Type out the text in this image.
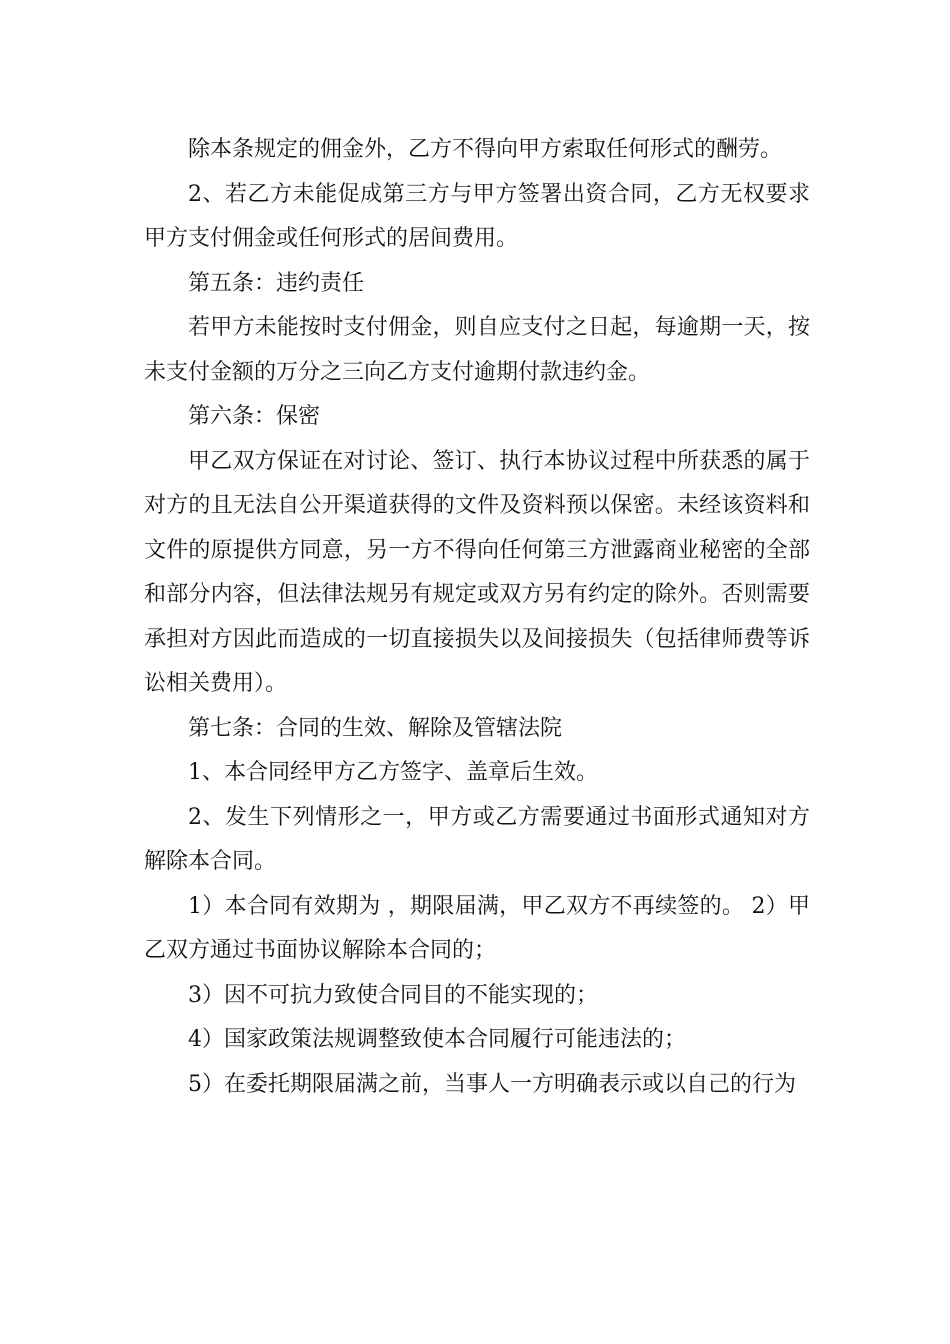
除本条规定的佣金外，乙方不得向甲方索取任何形式的酬劳。

2、若乙方未能促成第三方与甲方签署出资合同，乙方无权要求甲方支付佣金或任何形式的居间费用。

第五条：违约责任

若甲方未能按时支付佣金，则自应支付之日起，每逾期一天，按未支付金额的万分之三向乙方支付逾期付款违约金。

第六条：保密

甲乙双方保证在对讨论、签订、执行本协议过程中所获悉的属于对方的且无法自公开渠道获得的文件及资料预以保密。未经该资料和文件的原提供方同意，另一方不得向任何第三方泄露商业秘密的全部和部分内容，但法律法规另有规定或双方另有约定的除外。否则需要承担对方因此而造成的一切直接损失以及间接损失（包括律师费等诉讼相关费用）。

第七条：合同的生效、解除及管辖法院

1、本合同经甲方乙方签字、盖章后生效。

2、发生下列情形之一，甲方或乙方需要通过书面形式通知对方解除本合同。

1）本合同有效期为 ，期限届满，甲乙双方不再续签的。 2）甲乙双方通过书面协议解除本合同的；

3）因不可抗力致使合同目的不能实现的；

4）国家政策法规调整致使本合同履行可能违法的；

5）在委托期限届满之前，当事人一方明确表示或以自己的行为
